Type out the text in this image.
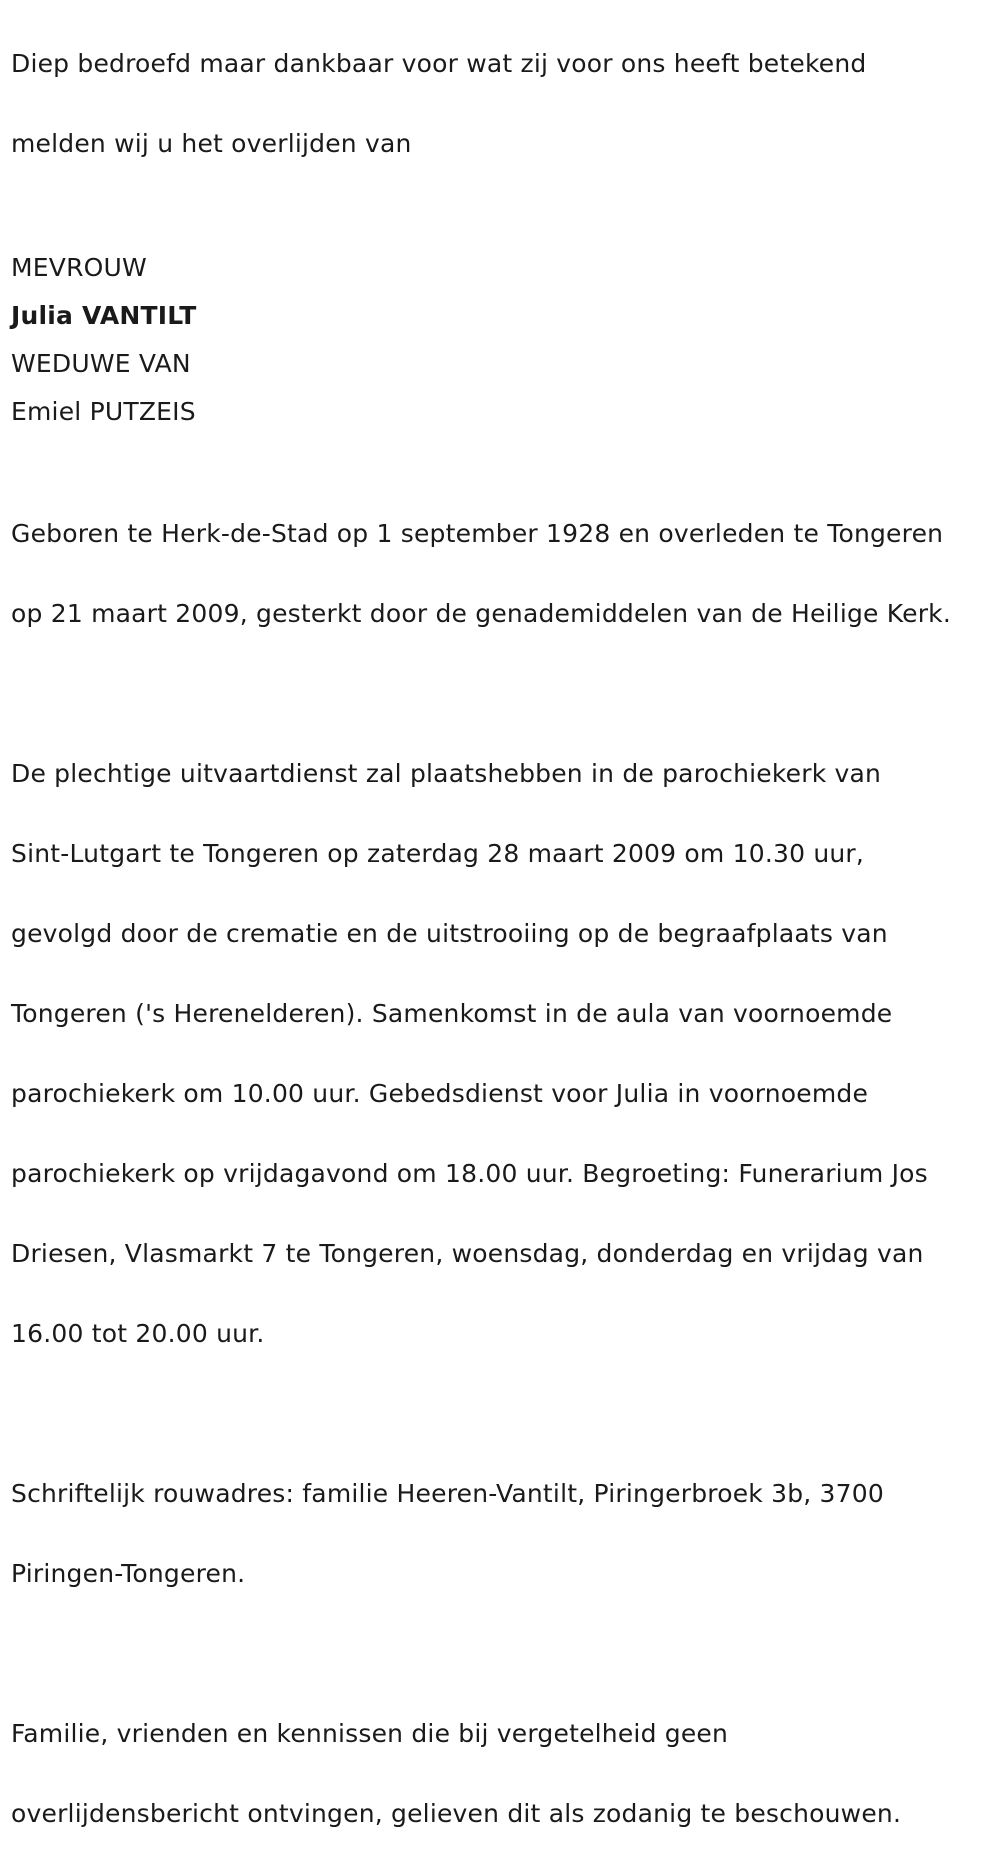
Diep bedroefd maar dankbaar voor wat zij voor ons heeft betekend

melden wij u het overlijden van

MEVROUW
Julia VANTILT
WEDUWE VAN
Emiel PUTZEIS

Geboren te Herk-de-Stad op 1 september 1928 en overleden te Tongeren

op 21 maart 2009, gesterkt door de genademiddelen van de Heilige Kerk.

De plechtige uitvaartdienst zal plaatshebben in de parochiekerk van

Sint-Lutgart te Tongeren op zaterdag 28 maart 2009 om 10.30 uur,

gevolgd door de crematie en de uitstrooiing op de begraafplaats van

Tongeren ('s Herenelderen). Samenkomst in de aula van voornoemde

parochiekerk om 10.00 uur. Gebedsdienst voor Julia in voornoemde

parochiekerk op vrijdagavond om 18.00 uur. Begroeting: Funerarium Jos

Driesen, Vlasmarkt 7 te Tongeren, woensdag, donderdag en vrijdag van

16.00 tot 20.00 uur.

Schriftelijk rouwadres: familie Heeren-Vantilt, Piringerbroek 3b, 3700

Piringen-Tongeren.

Familie, vrienden en kennissen die bij vergetelheid geen

overlijdensbericht ontvingen, gelieven dit als zodanig te beschouwen.
